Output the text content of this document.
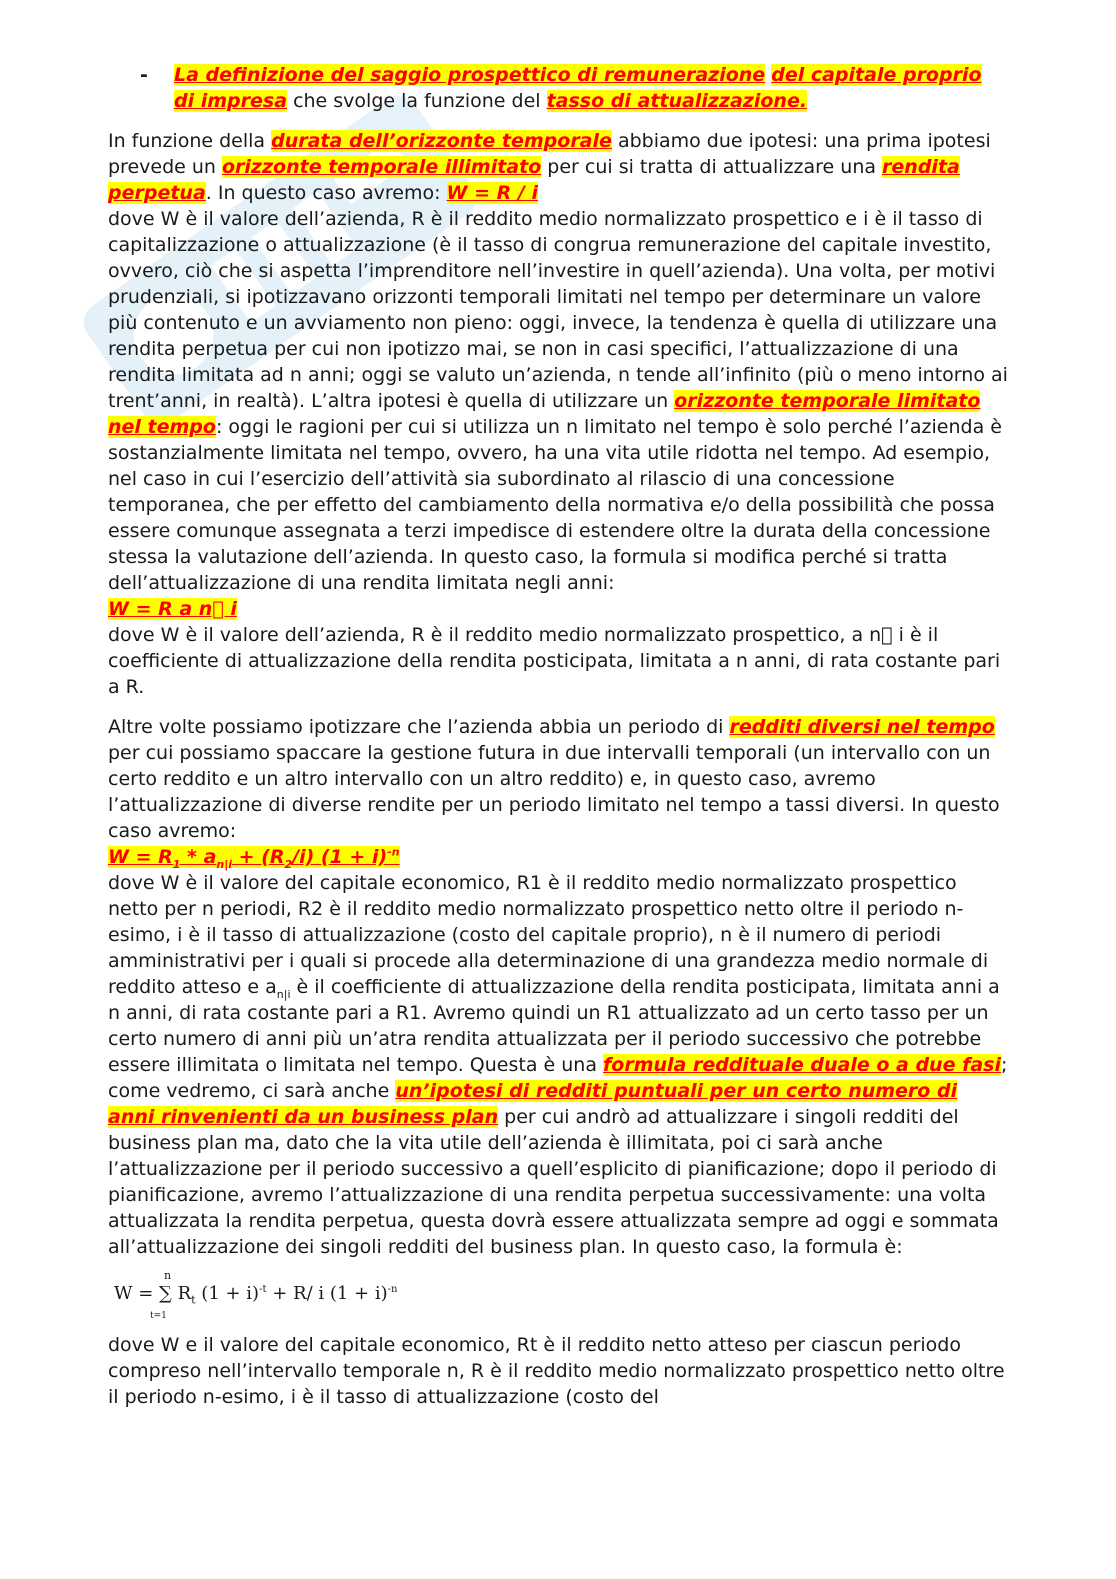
-	La definizione del saggio prospettico di remunerazione del capitale proprio di impresa che svolge la funzione del tasso di attualizzazione.

In funzione della durata dell’orizzonte temporale abbiamo due ipotesi: una prima ipotesi prevede un orizzonte temporale illimitato per cui si tratta di attualizzare una rendita perpetua. In questo caso avremo: W = R / i
dove W è il valore dell’azienda, R è il reddito medio normalizzato prospettico e i è il tasso di capitalizzazione o attualizzazione (è il tasso di congrua remunerazione del capitale investito, ovvero, ciò che si aspetta l’imprenditore nell’investire in quell’azienda). Una volta, per motivi prudenziali, si ipotizzavano orizzonti temporali limitati nel tempo per determinare un valore più contenuto e un avviamento non pieno: oggi, invece, la tendenza è quella di utilizzare una rendita perpetua per cui non ipotizzo mai, se non in casi specifici, l’attualizzazione di una rendita limitata ad n anni; oggi se valuto un’azienda, n tende all’infinito (più o meno intorno ai trent’anni, in realtà). L’altra ipotesi è quella di utilizzare un orizzonte temporale limitato nel tempo: oggi le ragioni per cui si utilizza un n limitato nel tempo è solo perché l’azienda è sostanzialmente limitata nel tempo, ovvero, ha una vita utile ridotta nel tempo. Ad esempio, nel caso in cui l’esercizio dell’attività sia subordinato al rilascio di una concessione temporanea, che per effetto del cambiamento della normativa e/o della possibilità che possa essere comunque assegnata a terzi impedisce di estendere oltre la durata della concessione stessa la valutazione dell’azienda. In questo caso, la formula si modifica perché si tratta dell’attualizzazione di una rendita limitata negli anni:
W = R a n⃧ i
dove W è il valore dell’azienda, R è il reddito medio normalizzato prospettico, a n⃧ i è il coefficiente di attualizzazione della rendita posticipata, limitata a n anni, di rata costante pari a R.

Altre volte possiamo ipotizzare che l’azienda abbia un periodo di redditi diversi nel tempo per cui possiamo spaccare la gestione futura in due intervalli temporali (un intervallo con un certo reddito e un altro intervallo con un altro reddito) e, in questo caso, avremo l’attualizzazione di diverse rendite per un periodo limitato nel tempo a tassi diversi. In questo caso avremo:
$W = R_1 * a_{n|i} + (R_2/i) (1 + i)^{-n}$
dove W è il valore del capitale economico, R1 è il reddito medio normalizzato prospettico netto per n periodi, R2 è il reddito medio normalizzato prospettico netto oltre il periodo n-esimo, i è il tasso di attualizzazione (costo del capitale proprio), n è il numero di periodi amministrativi per i quali si procede alla determinazione di una grandezza medio normale di reddito atteso e $a_{n|i}$ è il coefficiente di attualizzazione della rendita posticipata, limitata anni a n anni, di rata costante pari a R1. Avremo quindi un R1 attualizzato ad un certo tasso per un certo numero di anni più un’atra rendita attualizzata per il periodo successivo che potrebbe essere illimitata o limitata nel tempo. Questa è una formula reddituale duale o a due fasi; come vedremo, ci sarà anche un’ipotesi di redditi puntuali per un certo numero di anni rinvenienti da un business plan per cui andrò ad attualizzare i singoli redditi del business plan ma, dato che la vita utile dell’azienda è illimitata, poi ci sarà anche l’attualizzazione per il periodo successivo a quell’esplicito di pianificazione; dopo il periodo di pianificazione, avremo l’attualizzazione di una rendita perpetua successivamente: una volta attualizzata la rendita perpetua, questa dovrà essere attualizzata sempre ad oggi e sommata all’attualizzazione dei singoli redditi del business plan. In questo caso, la formula è:

n
W = ∑ $R_t$ $(1 + i)^{-t} + R/$ i $(1 + i)^{-n}$
t=1

dove W e il valore del capitale economico, Rt è il reddito netto atteso per ciascun periodo compreso nell’intervallo temporale n, R è il reddito medio normalizzato prospettico netto oltre il periodo n-esimo, i è il tasso di attualizzazione (costo del
